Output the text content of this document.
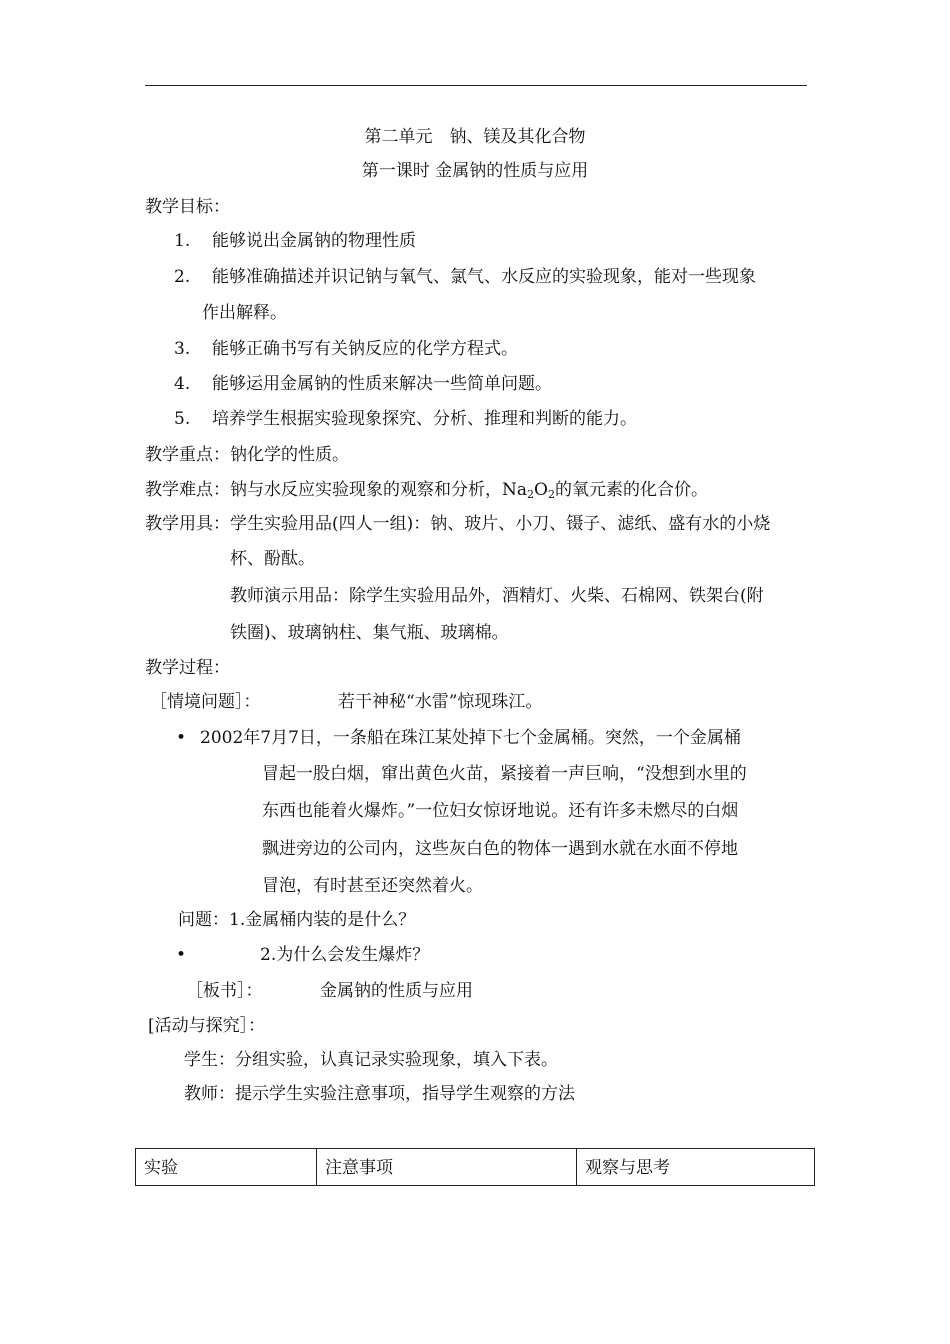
第二单元　钠、镁及其化合物
第一课时 金属钠的性质与应用
教学目标：
1. 能够说出金属钠的物理性质
2. 能够准确描述并识记钠与氧气、氯气、水反应的实验现象，能对一些现象
作出解释。
3. 能够正确书写有关钠反应的化学方程式。
4. 能够运用金属钠的性质来解决一些简单问题。
5. 培养学生根据实验现象探究、分析、推理和判断的能力。
教学重点：钠化学的性质。
教学难点：钠与水反应实验现象的观察和分析，$Na_2O_2$的氧元素的化合价。
教学用具：学生实验用品(四人一组)：钠、玻片、小刀、镊子、滤纸、盛有水的小烧
杯、酚酞。
教师演示用品：除学生实验用品外，酒精灯、火柴、石棉网、铁架台(附
铁圈)、玻璃钠柱、集气瓶、玻璃棉。
教学过程：
［情境问题］：	若干神秘“水雷”惊现珠江。
• 2002年7月7日，一条船在珠江某处掉下七个金属桶。突然，一个金属桶
冒起一股白烟，窜出黄色火苗，紧接着一声巨响，“没想到水里的
东西也能着火爆炸。”一位妇女惊讶地说。还有许多未燃尽的白烟
飘进旁边的公司内，这些灰白色的物体一遇到水就在水面不停地
冒泡，有时甚至还突然着火。
问题：1.金属桶内装的是什么？
•	2.为什么会发生爆炸？
［板书］：	金属钠的性质与应用
[活动与探究］：
学生：分组实验，认真记录实验现象，填入下表。
教师：提示学生实验注意事项，指导学生观察的方法
实验	注意事项	观察与思考
